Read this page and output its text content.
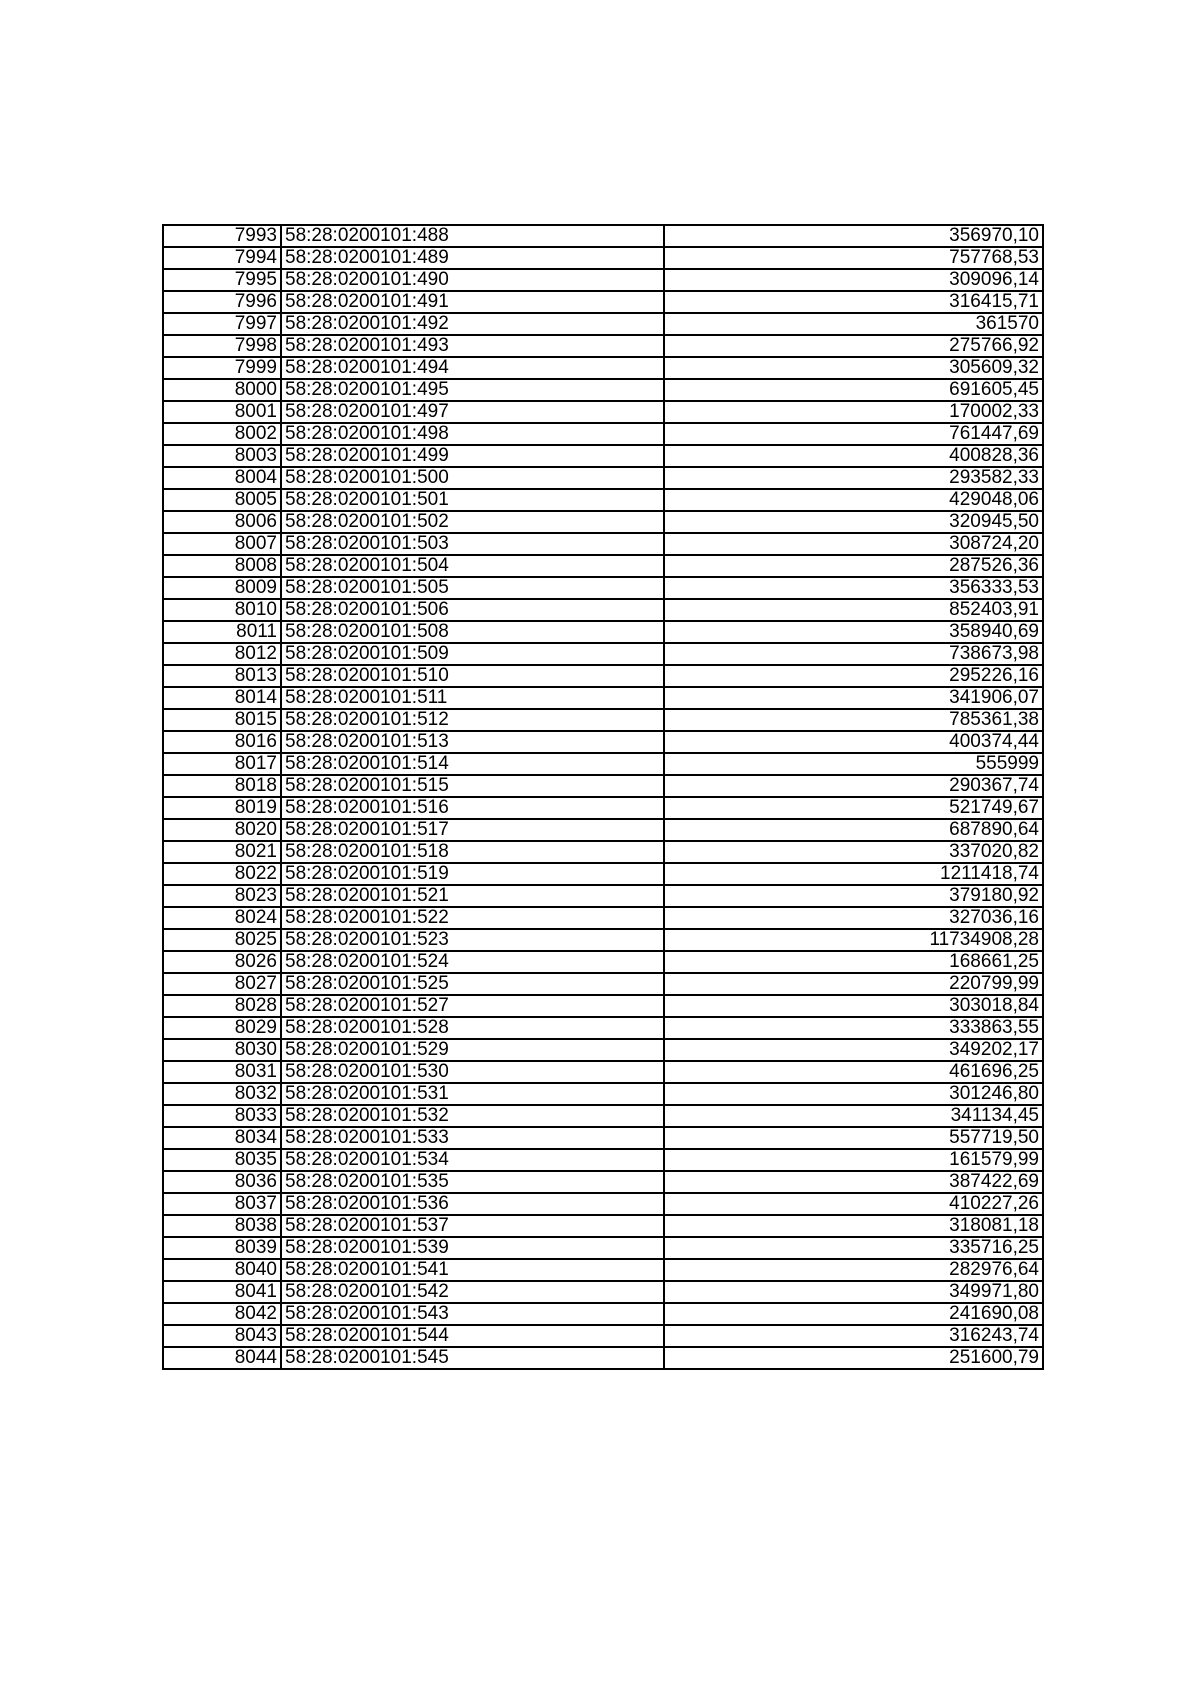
7993	58:28:0200101:488	356970,10
7994	58:28:0200101:489	757768,53
7995	58:28:0200101:490	309096,14
7996	58:28:0200101:491	316415,71
7997	58:28:0200101:492	361570
7998	58:28:0200101:493	275766,92
7999	58:28:0200101:494	305609,32
8000	58:28:0200101:495	691605,45
8001	58:28:0200101:497	170002,33
8002	58:28:0200101:498	761447,69
8003	58:28:0200101:499	400828,36
8004	58:28:0200101:500	293582,33
8005	58:28:0200101:501	429048,06
8006	58:28:0200101:502	320945,50
8007	58:28:0200101:503	308724,20
8008	58:28:0200101:504	287526,36
8009	58:28:0200101:505	356333,53
8010	58:28:0200101:506	852403,91
8011	58:28:0200101:508	358940,69
8012	58:28:0200101:509	738673,98
8013	58:28:0200101:510	295226,16
8014	58:28:0200101:511	341906,07
8015	58:28:0200101:512	785361,38
8016	58:28:0200101:513	400374,44
8017	58:28:0200101:514	555999
8018	58:28:0200101:515	290367,74
8019	58:28:0200101:516	521749,67
8020	58:28:0200101:517	687890,64
8021	58:28:0200101:518	337020,82
8022	58:28:0200101:519	1211418,74
8023	58:28:0200101:521	379180,92
8024	58:28:0200101:522	327036,16
8025	58:28:0200101:523	11734908,28
8026	58:28:0200101:524	168661,25
8027	58:28:0200101:525	220799,99
8028	58:28:0200101:527	303018,84
8029	58:28:0200101:528	333863,55
8030	58:28:0200101:529	349202,17
8031	58:28:0200101:530	461696,25
8032	58:28:0200101:531	301246,80
8033	58:28:0200101:532	341134,45
8034	58:28:0200101:533	557719,50
8035	58:28:0200101:534	161579,99
8036	58:28:0200101:535	387422,69
8037	58:28:0200101:536	410227,26
8038	58:28:0200101:537	318081,18
8039	58:28:0200101:539	335716,25
8040	58:28:0200101:541	282976,64
8041	58:28:0200101:542	349971,80
8042	58:28:0200101:543	241690,08
8043	58:28:0200101:544	316243,74
8044	58:28:0200101:545	251600,79
